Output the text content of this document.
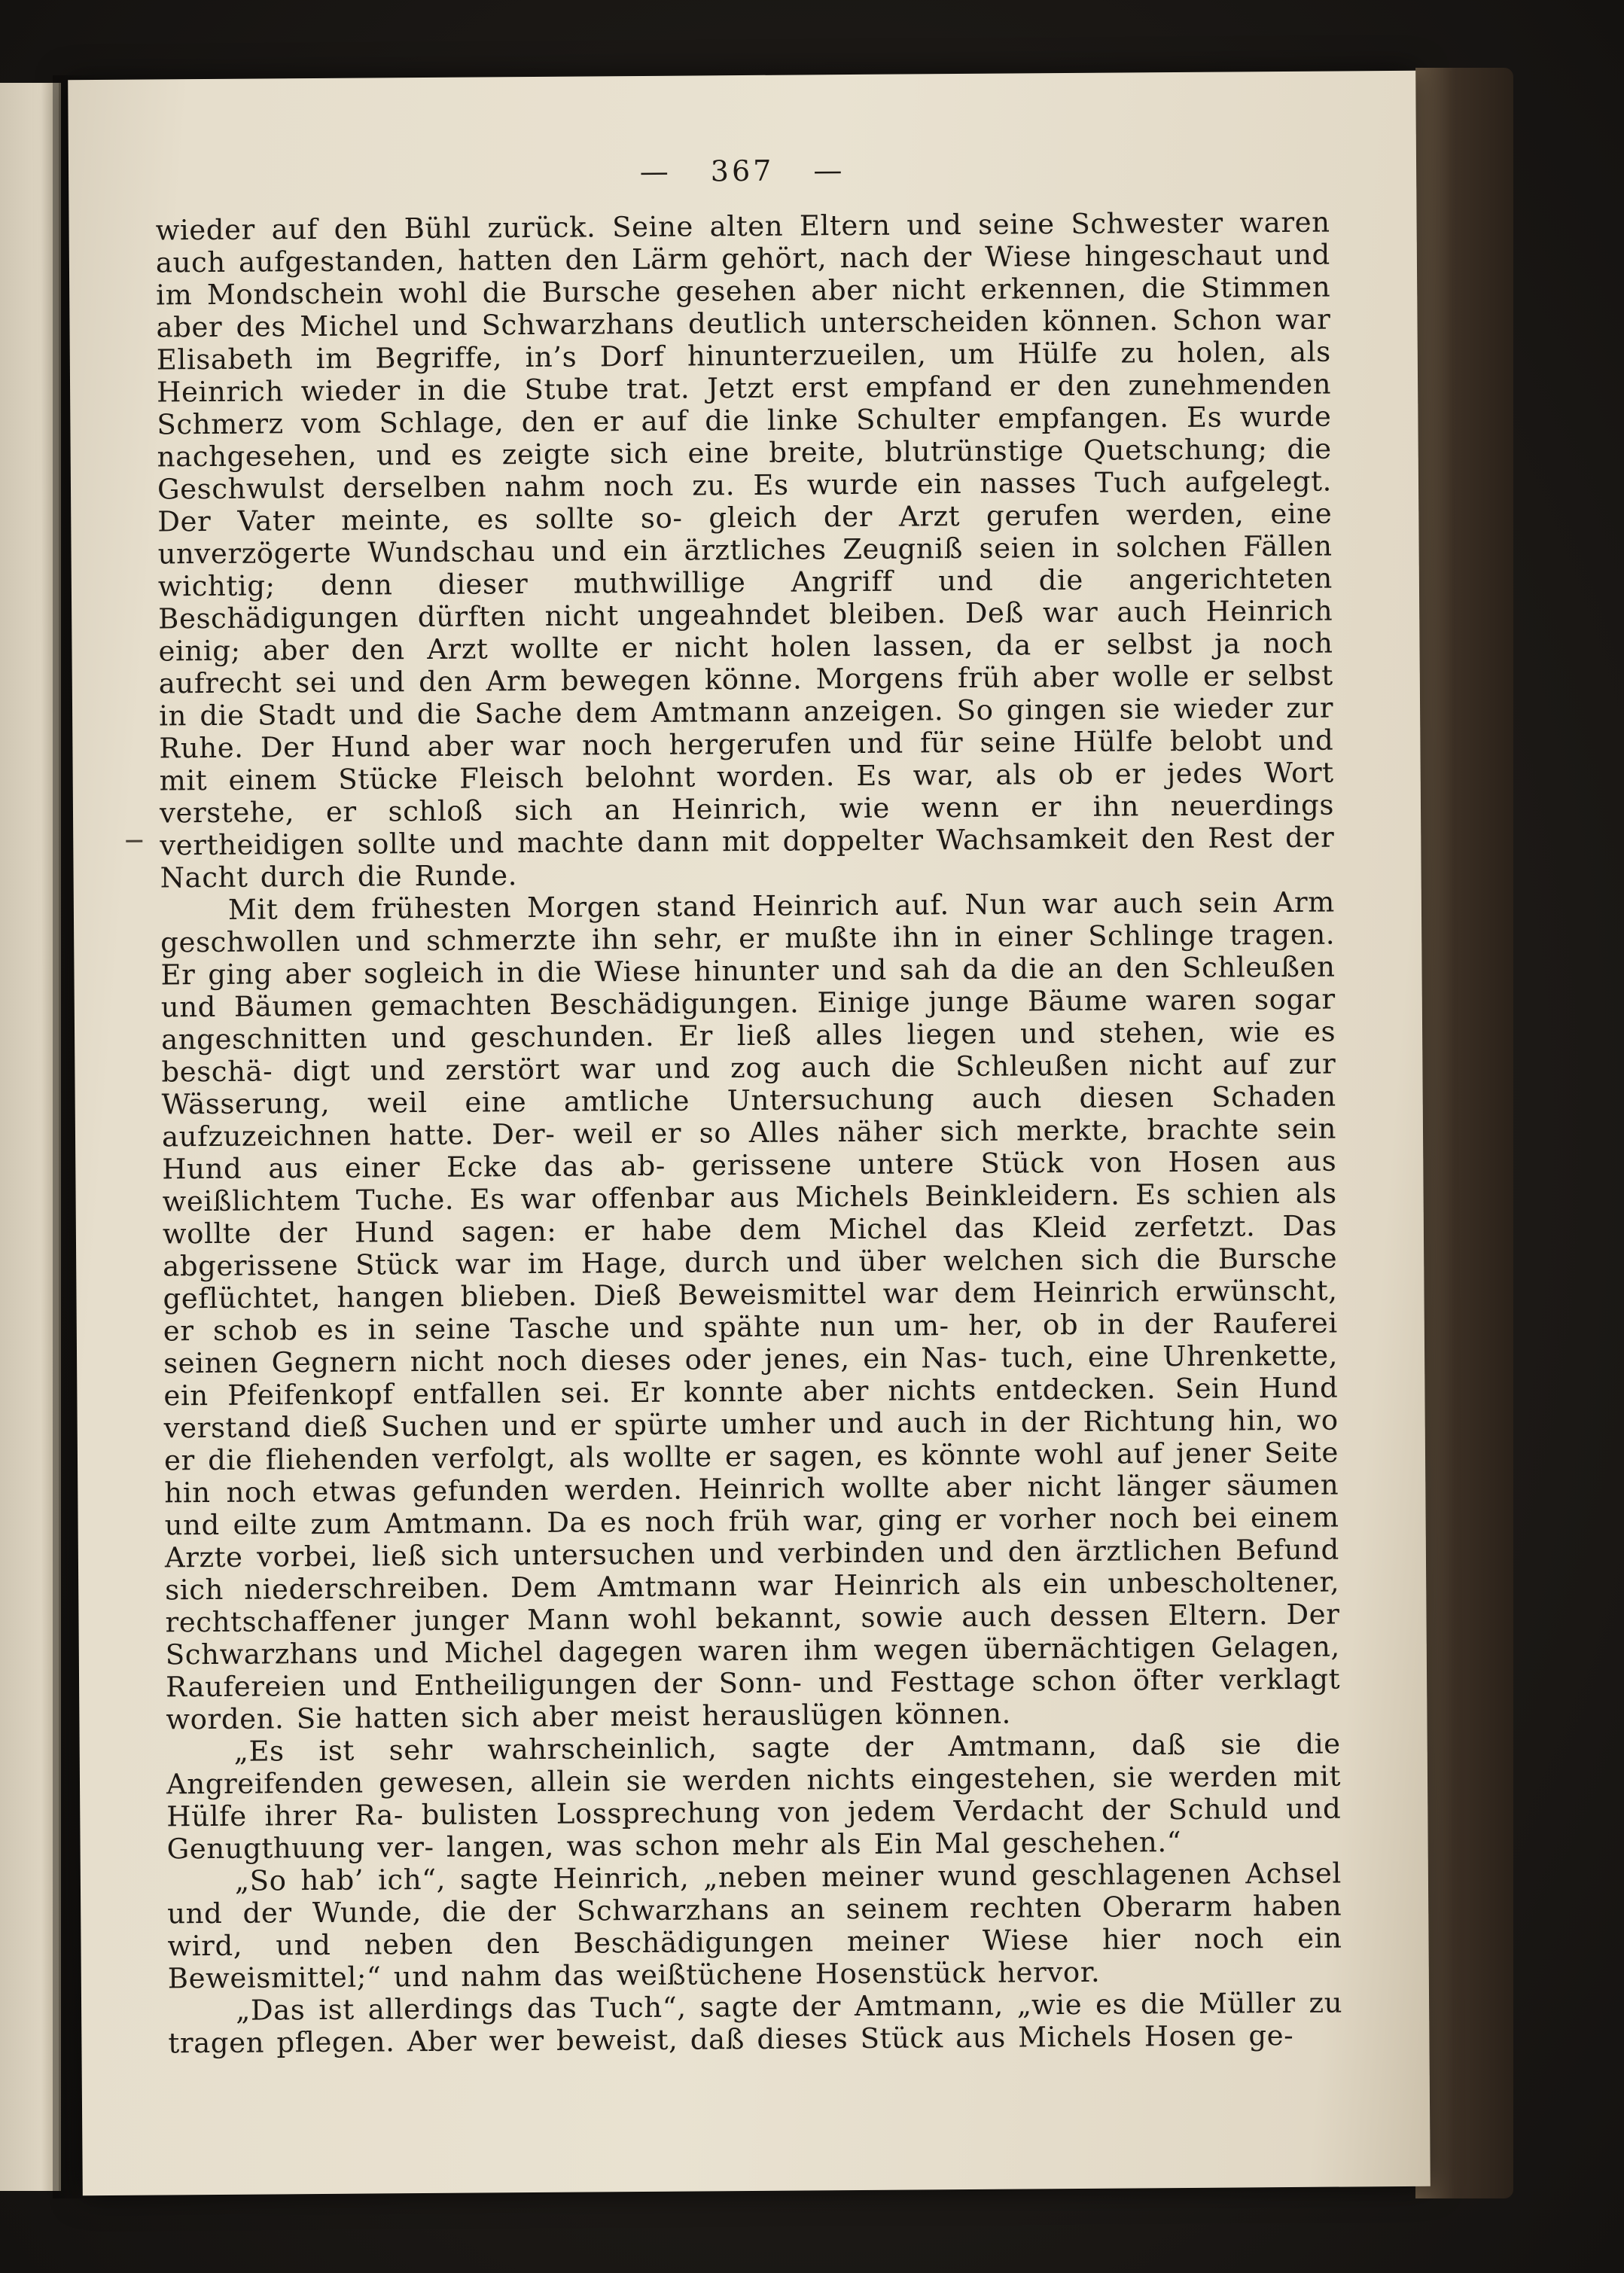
— 367 —

wieder auf den Bühl zurück. Seine alten Eltern und seine Schwester waren auch aufgestanden, hatten den Lärm gehört, nach der Wiese hingeschaut und im Mondschein wohl die Bursche gesehen aber nicht erkennen, die Stimmen aber des Michel und Schwarzhans deutlich unterscheiden können. Schon war Elisabeth im Begriffe, in’s Dorf hinunterzueilen, um Hülfe zu holen, als Heinrich wieder in die Stube trat. Jetzt erst empfand er den zunehmenden Schmerz vom Schlage, den er auf die linke Schulter empfangen. Es wurde nachgesehen, und es zeigte sich eine breite, blutrünstige Quetschung; die Geschwulst derselben nahm noch zu. Es wurde ein nasses Tuch aufgelegt. Der Vater meinte, es sollte so- gleich der Arzt gerufen werden, eine unverzögerte Wundschau und ein ärztliches Zeugniß seien in solchen Fällen wichtig; denn dieser muthwillige Angriff und die angerichteten Beschädigungen dürften nicht ungeahndet bleiben. Deß war auch Heinrich einig; aber den Arzt wollte er nicht holen lassen, da er selbst ja noch aufrecht sei und den Arm bewegen könne. Morgens früh aber wolle er selbst in die Stadt und die Sache dem Amtmann anzeigen. So gingen sie wieder zur Ruhe. Der Hund aber war noch hergerufen und für seine Hülfe belobt und mit einem Stücke Fleisch belohnt worden. Es war, als ob er jedes Wort verstehe, er schloß sich an Heinrich, wie wenn er ihn neuerdings vertheidigen sollte und machte dann mit doppelter Wachsamkeit den Rest der Nacht durch die Runde.

Mit dem frühesten Morgen stand Heinrich auf. Nun war auch sein Arm geschwollen und schmerzte ihn sehr, er mußte ihn in einer Schlinge tragen. Er ging aber sogleich in die Wiese hinunter und sah da die an den Schleußen und Bäumen gemachten Beschädigungen. Einige junge Bäume waren sogar angeschnitten und geschunden. Er ließ alles liegen und stehen, wie es beschä- digt und zerstört war und zog auch die Schleußen nicht auf zur Wässerung, weil eine amtliche Untersuchung auch diesen Schaden aufzuzeichnen hatte. Der- weil er so Alles näher sich merkte, brachte sein Hund aus einer Ecke das ab- gerissene untere Stück von Hosen aus weißlichtem Tuche. Es war offenbar aus Michels Beinkleidern. Es schien als wollte der Hund sagen: er habe dem Michel das Kleid zerfetzt. Das abgerissene Stück war im Hage, durch und über welchen sich die Bursche geflüchtet, hangen blieben. Dieß Beweismittel war dem Heinrich erwünscht, er schob es in seine Tasche und spähte nun um- her, ob in der Rauferei seinen Gegnern nicht noch dieses oder jenes, ein Nas- tuch, eine Uhrenkette, ein Pfeifenkopf entfallen sei. Er konnte aber nichts entdecken. Sein Hund verstand dieß Suchen und er spürte umher und auch in der Richtung hin, wo er die fliehenden verfolgt, als wollte er sagen, es könnte wohl auf jener Seite hin noch etwas gefunden werden. Heinrich wollte aber nicht länger säumen und eilte zum Amtmann. Da es noch früh war, ging er vorher noch bei einem Arzte vorbei, ließ sich untersuchen und verbinden und den ärztlichen Befund sich niederschreiben. Dem Amtmann war Heinrich als ein unbescholtener, rechtschaffener junger Mann wohl bekannt, sowie auch dessen Eltern. Der Schwarzhans und Michel dagegen waren ihm wegen übernächtigen Gelagen, Raufereien und Entheiligungen der Sonn- und Festtage schon öfter verklagt worden. Sie hatten sich aber meist herauslügen können.

„Es ist sehr wahrscheinlich, sagte der Amtmann, daß sie die Angreifenden gewesen, allein sie werden nichts eingestehen, sie werden mit Hülfe ihrer Ra- bulisten Lossprechung von jedem Verdacht der Schuld und Genugthuung ver- langen, was schon mehr als Ein Mal geschehen.“

„So hab’ ich“, sagte Heinrich, „neben meiner wund geschlagenen Achsel und der Wunde, die der Schwarzhans an seinem rechten Oberarm haben wird, und neben den Beschädigungen meiner Wiese hier noch ein Beweismittel;“ und nahm das weißtüchene Hosenstück hervor.

„Das ist allerdings das Tuch“, sagte der Amtmann, „wie es die Müller zu tragen pflegen. Aber wer beweist, daß dieses Stück aus Michels Hosen ge-
